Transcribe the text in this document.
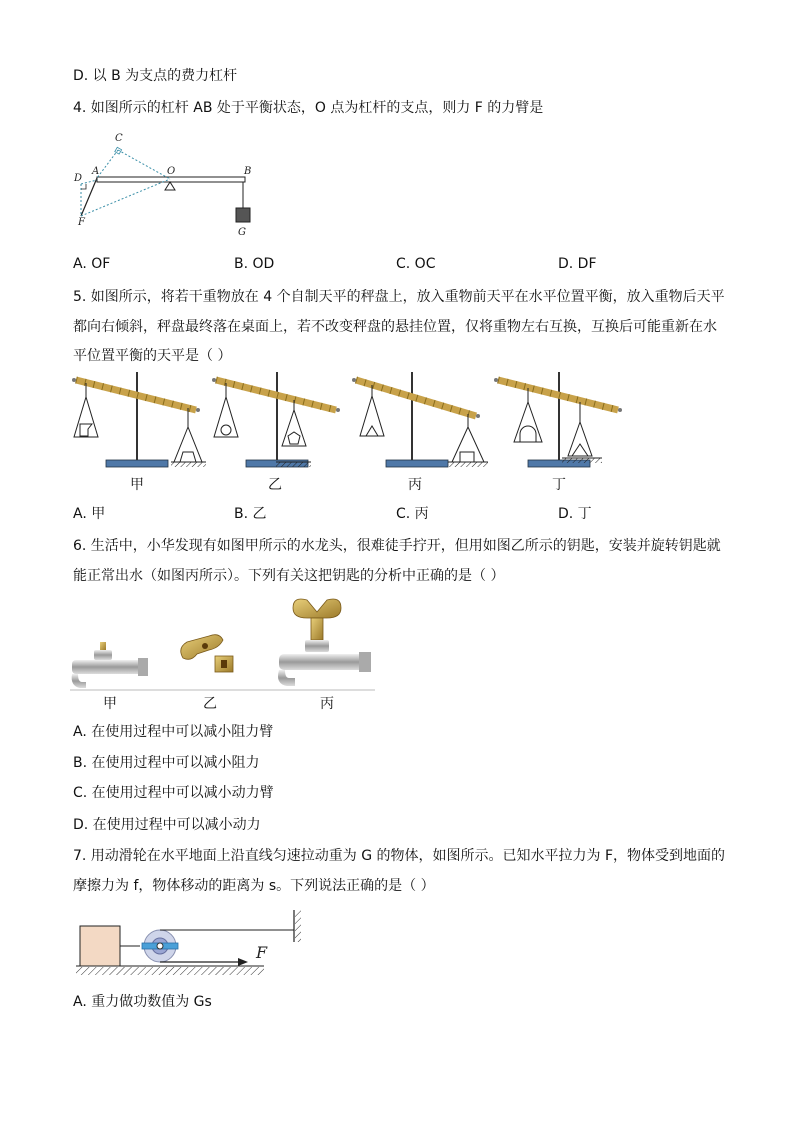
D. 以 B 为支点的费力杠杆
4. 如图所示的杠杆 AB 处于平衡状态，O 点为杠杆的支点，则力 F 的力臂是
C
A	O	B
D
F
G
A. OF	B. OD	C. OC	D. DF
5. 如图所示，将若干重物放在 4 个自制天平的秤盘上，放入重物前天平在水平位置平衡，放入重物后天平
都向右倾斜，秤盘最终落在桌面上，若不改变秤盘的悬挂位置，仅将重物左右互换，互换后可能重新在水
平位置平衡的天平是（ ）
甲	乙	丙	丁
A. 甲	B. 乙	C. 丙	D. 丁
6. 生活中，小华发现有如图甲所示的水龙头，很难徒手拧开，但用如图乙所示的钥匙，安装并旋转钥匙就
能正常出水（如图丙所示）。下列有关这把钥匙的分析中正确的是（ ）
甲	乙	丙
A. 在使用过程中可以减小阻力臂
B. 在使用过程中可以减小阻力
C. 在使用过程中可以减小动力臂
D. 在使用过程中可以减小动力
7. 用动滑轮在水平地面上沿直线匀速拉动重为 G 的物体，如图所示。已知水平拉力为 F，物体受到地面的
摩擦力为 f，物体移动的距离为 s。下列说法正确的是（ ）
F
A. 重力做功数值为 Gs
